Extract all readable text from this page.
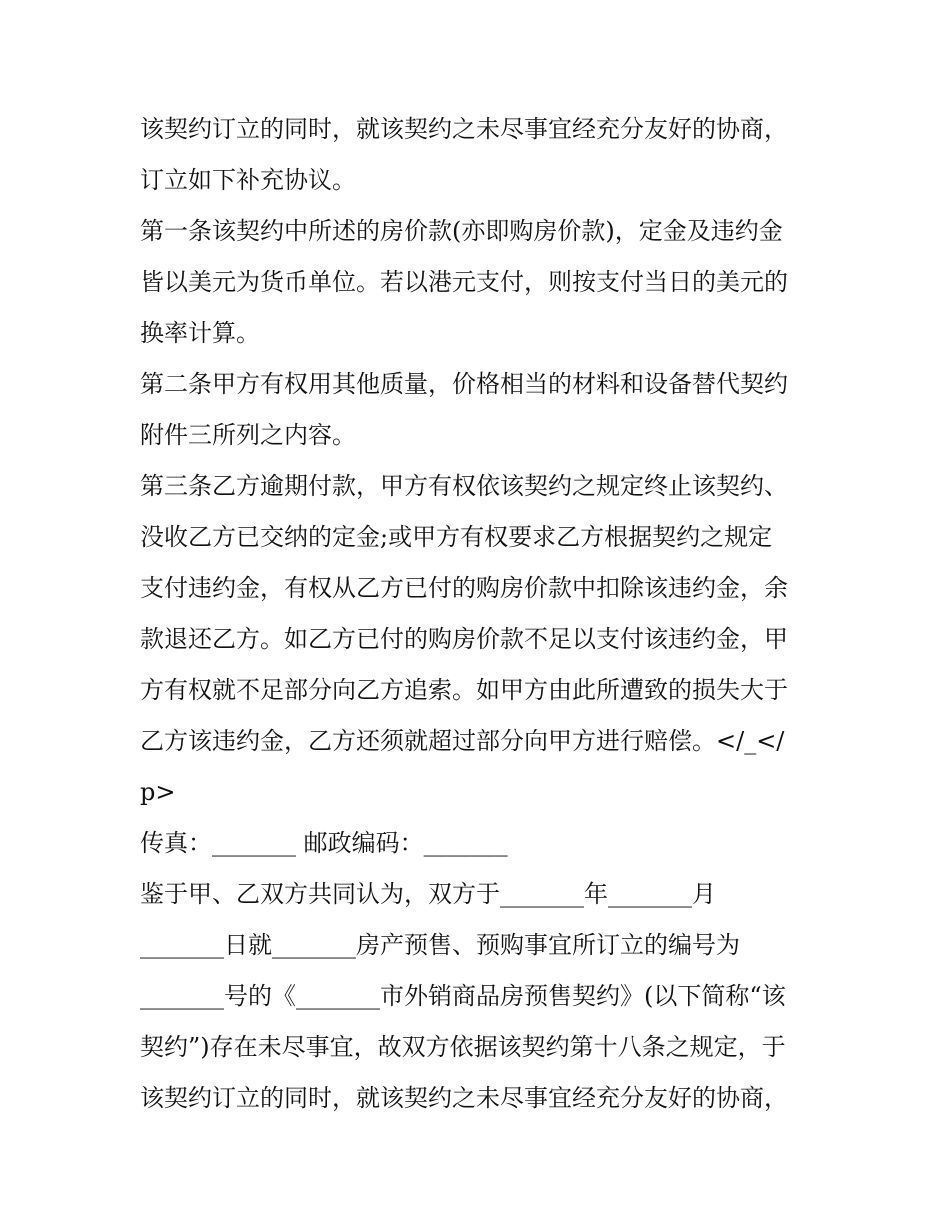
该契约订立的同时，就该契约之未尽事宜经充分友好的协商，
订立如下补充协议。
第一条该契约中所述的房价款(亦即购房价款)，定金及违约金
皆以美元为货币单位。若以港元支付，则按支付当日的美元的
换率计算。
第二条甲方有权用其他质量，价格相当的材料和设备替代契约
附件三所列之内容。
第三条乙方逾期付款，甲方有权依该契约之规定终止该契约、
没收乙方已交纳的定金;或甲方有权要求乙方根据契约之规定
支付违约金，有权从乙方已付的购房价款中扣除该违约金，余
款退还乙方。如乙方已付的购房价款不足以支付该违约金，甲
方有权就不足部分向乙方追索。如甲方由此所遭致的损失大于
乙方该违约金，乙方还须就超过部分向甲方进行赔偿。</_</
p>
传真：_______ 邮政编码：_______
鉴于甲、乙双方共同认为，双方于_______年_______月
_______日就_______房产预售、预购事宜所订立的编号为
_______号的《_______市外销商品房预售契约》(以下简称“该
契约”)存在未尽事宜，故双方依据该契约第十八条之规定，于
该契约订立的同时，就该契约之未尽事宜经充分友好的协商，
